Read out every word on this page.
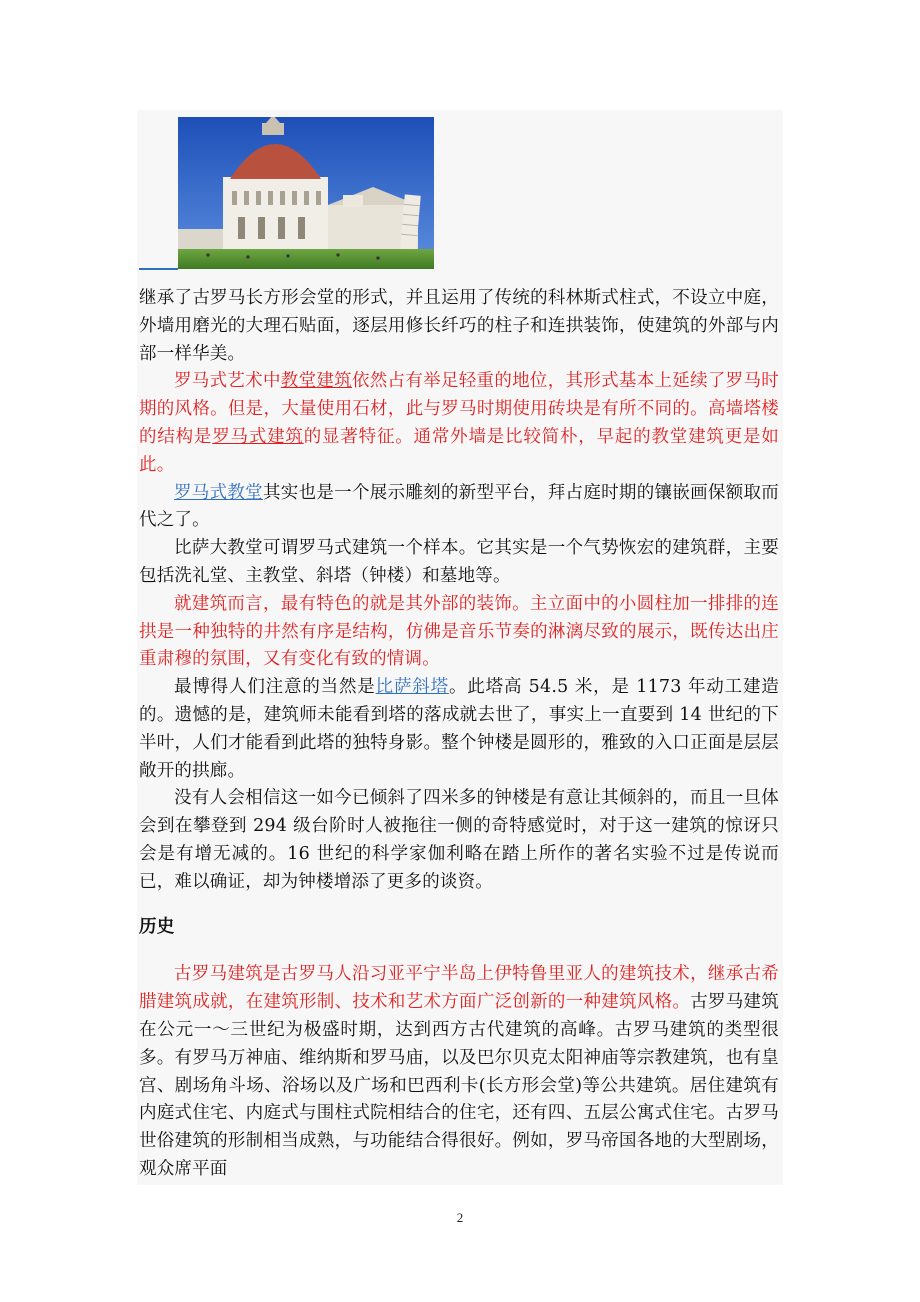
继承了古罗马长方形会堂的形式，并且运用了传统的科林斯式柱式，不设立中庭，外墙用磨光的大理石贴面，逐层用修长纤巧的柱子和连拱装饰，使建筑的外部与内部一样华美。

罗马式艺术中教堂建筑依然占有举足轻重的地位，其形式基本上延续了罗马时期的风格。但是，大量使用石材，此与罗马时期使用砖块是有所不同的。高墙塔楼的结构是罗马式建筑的显著特征。通常外墙是比较简朴，早起的教堂建筑更是如此。

罗马式教堂其实也是一个展示雕刻的新型平台，拜占庭时期的镶嵌画保额取而代之了。

比萨大教堂可谓罗马式建筑一个样本。它其实是一个气势恢宏的建筑群，主要包括洗礼堂、主教堂、斜塔（钟楼）和墓地等。

就建筑而言，最有特色的就是其外部的装饰。主立面中的小圆柱加一排排的连拱是一种独特的井然有序是结构，仿佛是音乐节奏的淋漓尽致的展示，既传达出庄重肃穆的氛围，又有变化有致的情调。

最博得人们注意的当然是比萨斜塔。此塔高 54.5 米，是 1173 年动工建造的。遗憾的是，建筑师未能看到塔的落成就去世了，事实上一直要到 14 世纪的下半叶，人们才能看到此塔的独特身影。整个钟楼是圆形的，雅致的入口正面是层层敞开的拱廊。

没有人会相信这一如今已倾斜了四米多的钟楼是有意让其倾斜的，而且一旦体会到在攀登到 294 级台阶时人被拖往一侧的奇特感觉时，对于这一建筑的惊讶只会是有增无减的。16 世纪的科学家伽利略在踏上所作的著名实验不过是传说而已，难以确证，却为钟楼增添了更多的谈资。

历史

古罗马建筑是古罗马人沿习亚平宁半岛上伊特鲁里亚人的建筑技术，继承古希腊建筑成就，在建筑形制、技术和艺术方面广泛创新的一种建筑风格。古罗马建筑在公元一～三世纪为极盛时期，达到西方古代建筑的高峰。古罗马建筑的类型很多。有罗马万神庙、维纳斯和罗马庙，以及巴尔贝克太阳神庙等宗教建筑，也有皇宫、剧场角斗场、浴场以及广场和巴西利卡(长方形会堂)等公共建筑。居住建筑有内庭式住宅、内庭式与围柱式院相结合的住宅，还有四、五层公寓式住宅。古罗马世俗建筑的形制相当成熟，与功能结合得很好。例如，罗马帝国各地的大型剧场，观众席平面

2
